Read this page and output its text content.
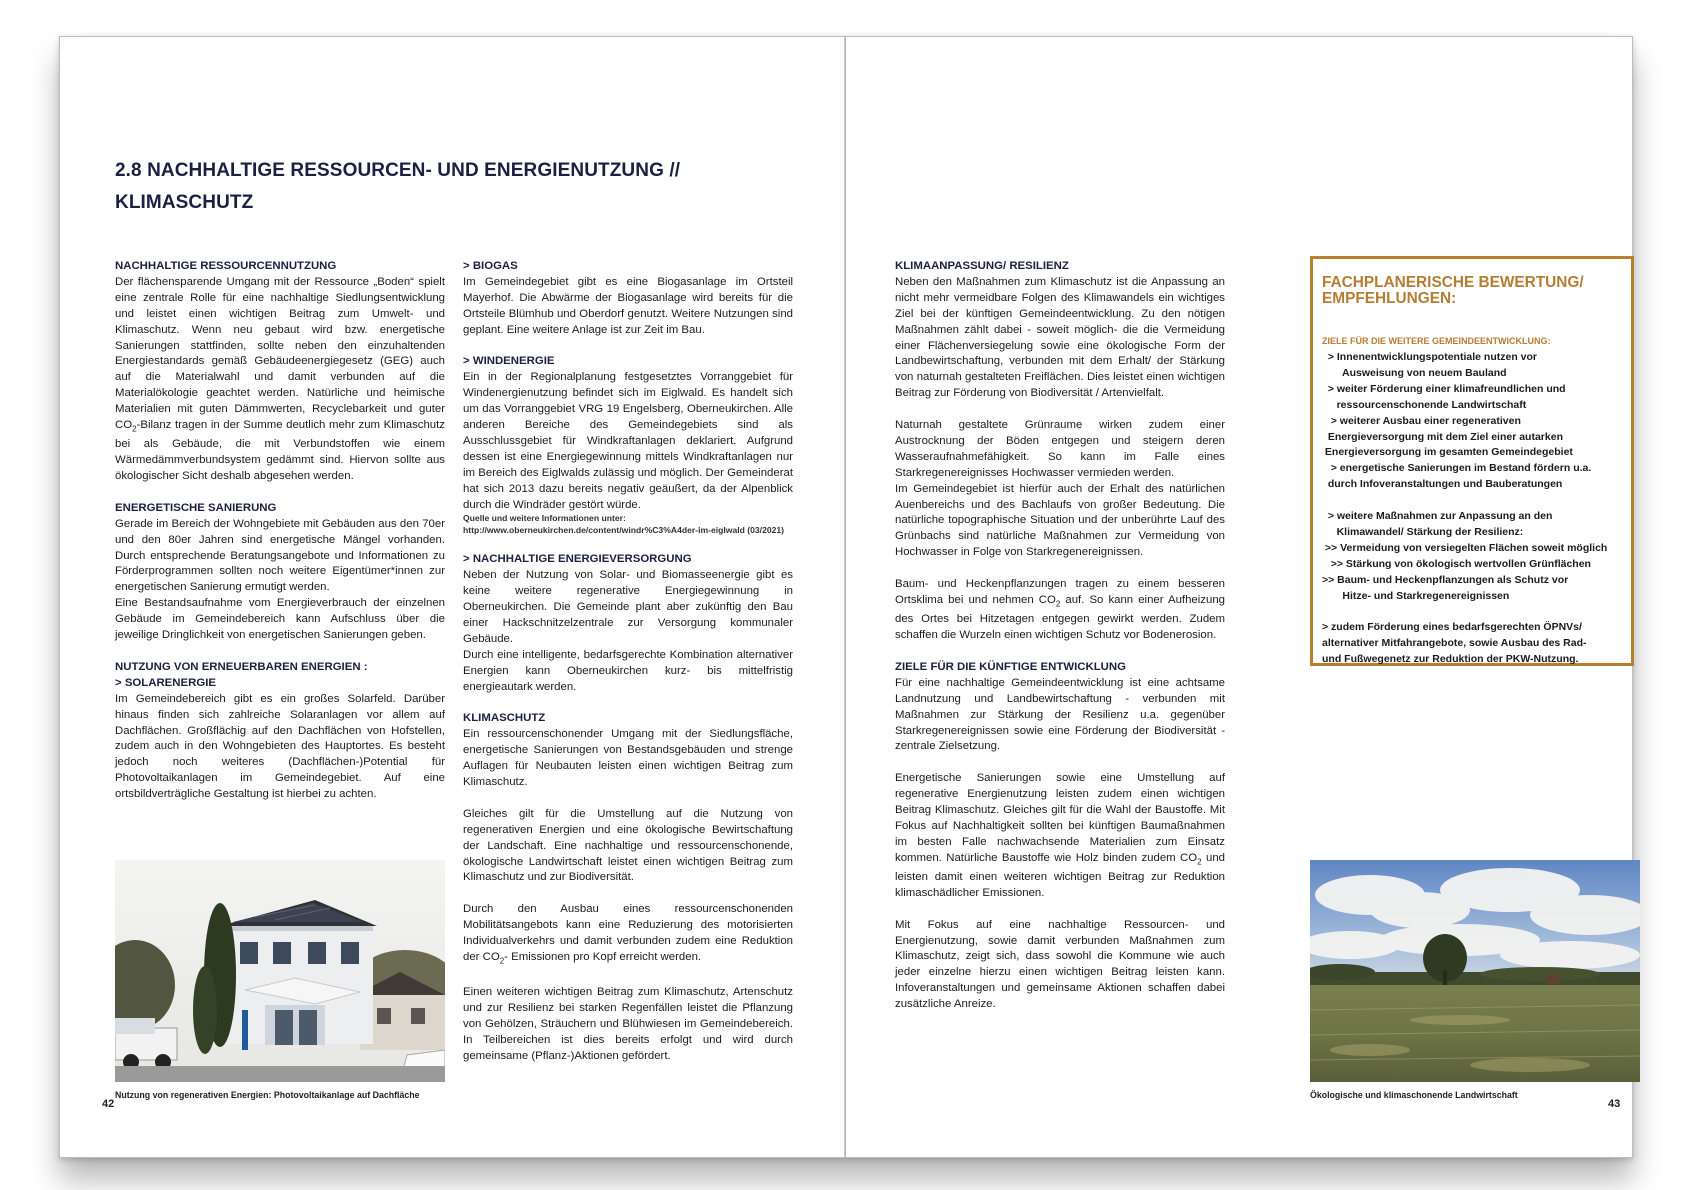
2.8 NACHHALTIGE RESSOURCEN- UND ENERGIENUTZUNG //
KLIMASCHUTZ

NACHHALTIGE RESSOURCENNUTZUNG

Der flächensparende Umgang mit der Ressource „Boden“ spielt eine zentrale Rolle für eine nachhaltige Siedlungsentwicklung und leistet einen wichtigen Beitrag zum Umwelt- und Klimaschutz. Wenn neu gebaut wird bzw. energetische Sanierungen stattfinden, sollte neben den einzuhaltenden Energiestandards gemäß Gebäudeenergiegesetz (GEG) auch auf die Materialwahl und damit verbunden auf die Materialökologie geachtet werden. Natürliche und heimische Materialien mit guten Dämmwerten, Recyclebarkeit und guter $CO_2$-Bilanz tragen in der Summe deutlich mehr zum Klimaschutz bei als Gebäude, die mit Verbundstoffen wie einem Wärmedämmverbundsystem gedämmt sind. Hiervon sollte aus ökologischer Sicht deshalb abgesehen werden.

ENERGETISCHE SANIERUNG

Gerade im Bereich der Wohngebiete mit Gebäuden aus den 70er und den 80er Jahren sind energetische Mängel vorhanden. Durch entsprechende Beratungsangebote und Informationen zu Förderprogrammen sollten noch weitere Eigentümer*innen zur energetischen Sanierung ermutigt werden.

Eine Bestandsaufnahme vom Energieverbrauch der einzelnen Gebäude im Gemeindebereich kann Aufschluss über die jeweilige Dringlichkeit von energetischen Sanierungen geben.

NUTZUNG VON ERNEUERBAREN ENERGIEN :

> SOLARENERGIE

Im Gemeindebereich gibt es ein großes Solarfeld. Darüber hinaus finden sich zahlreiche Solaranlagen vor allem auf Dachflächen. Großflächig auf den Dachflächen von Hofstellen, zudem auch in den Wohngebieten des Hauptortes. Es besteht jedoch noch weiteres (Dachflächen-)Potential für Photovoltaikanlagen im Gemeindegebiet. Auf eine ortsbildverträgliche Gestaltung ist hierbei zu achten.

Nutzung von regenerativen Energien: Photovoltaikanlage auf Dachfläche

> BIOGAS

Im Gemeindegebiet gibt es eine Biogasanlage im Ortsteil Mayerhof. Die Abwärme der Biogasanlage wird bereits für die Ortsteile Blümhub und Oberdorf genutzt. Weitere Nutzungen sind geplant. Eine weitere Anlage ist zur Zeit im Bau.

> WINDENERGIE

Ein in der Regionalplanung festgesetztes Vorranggebiet für Windenergienutzung befindet sich im Eiglwald. Es handelt sich um das Vorranggebiet VRG 19 Engelsberg, Oberneukirchen. Alle anderen Bereiche des Gemeindegebiets sind als Ausschlussgebiet für Windkraftanlagen deklariert. Aufgrund dessen ist eine Energiegewinnung mittels Windkraftanlagen nur im Bereich des Eiglwalds zulässig und möglich. Der Gemeinderat hat sich 2013 dazu bereits negativ geäußert, da der Alpenblick durch die Windräder gestört würde.

Quelle und weitere Informationen unter: http://www.oberneukirchen.de/content/windr%C3%A4der-im-eiglwald (03/2021)

> NACHHALTIGE ENERGIEVERSORGUNG

Neben der Nutzung von Solar- und Biomasseenergie gibt es keine weitere regenerative Energiegewinnung in Oberneukirchen. Die Gemeinde plant aber zukünftig den Bau einer Hackschnitzelzentrale zur Versorgung kommunaler Gebäude.

Durch eine intelligente, bedarfsgerechte Kombination alternativer Energien kann Oberneukirchen kurz- bis mittelfristig energieautark werden.

KLIMASCHUTZ

Ein ressourcenschonender Umgang mit der Siedlungsfläche, energetische Sanierungen von Bestandsgebäuden und strenge Auflagen für Neubauten leisten einen wichtigen Beitrag zum Klimaschutz.

Gleiches gilt für die Umstellung auf die Nutzung von regenerativen Energien und eine ökologische Bewirtschaftung der Landschaft. Eine nachhaltige und ressourcenschonende, ökologische Landwirtschaft leistet einen wichtigen Beitrag zum Klimaschutz und zur Biodiversität.

Durch den Ausbau eines ressourcenschonenden Mobilitätsangebots kann eine Reduzierung des motorisierten Individualverkehrs und damit verbunden zudem eine Reduktion der $CO_2-$ Emissionen pro Kopf erreicht werden.

Einen weiteren wichtigen Beitrag zum Klimaschutz, Artenschutz und zur Resilienz bei starken Regenfällen leistet die Pflanzung von Gehölzen, Sträuchern und Blühwiesen im Gemeindebereich. In Teilbereichen ist dies bereits erfolgt und wird durch gemeinsame (Pflanz-)Aktionen gefördert.

42

KLIMAANPASSUNG/ RESILIENZ

Neben den Maßnahmen zum Klimaschutz ist die Anpassung an nicht mehr vermeidbare Folgen des Klimawandels ein wichtiges Ziel bei der künftigen Gemeindeentwicklung. Zu den nötigen Maßnahmen zählt dabei - soweit möglich- die die Vermeidung einer Flächenversiegelung sowie eine ökologische Form der Landbewirtschaftung, verbunden mit dem Erhalt/ der Stärkung von naturnah gestalteten Freiflächen. Dies leistet einen wichtigen Beitrag zur Förderung von Biodiversität / Artenvielfalt.

Naturnah gestaltete Grünraume wirken zudem einer Austrocknung der Böden entgegen und steigern deren Wasseraufnahmefähigkeit. So kann im Falle eines Starkregenereignisses Hochwasser vermieden werden.

Im Gemeindegebiet ist hierfür auch der Erhalt des natürlichen Auenbereichs und des Bachlaufs von großer Bedeutung. Die natürliche topographische Situation und der unberührte Lauf des Grünbachs sind natürliche Maßnahmen zur Vermeidung von Hochwasser in Folge von Starkregenereignissen.

Baum- und Heckenpflanzungen tragen zu einem besseren Ortsklima bei und nehmen $CO_2$ auf. So kann einer Aufheizung des Ortes bei Hitzetagen entgegen gewirkt werden. Zudem schaffen die Wurzeln einen wichtigen Schutz vor Bodenerosion.

ZIELE FÜR DIE KÜNFTIGE ENTWICKLUNG

Für eine nachhaltige Gemeindeentwicklung ist eine achtsame Landnutzung und Landbewirtschaftung - verbunden mit Maßnahmen zur Stärkung der Resilienz u.a. gegenüber Starkregenereignissen sowie eine Förderung der Biodiversität - zentrale Zielsetzung.

Energetische Sanierungen sowie eine Umstellung auf regenerative Energienutzung leisten zudem einen wichtigen Beitrag Klimaschutz. Gleiches gilt für die Wahl der Baustoffe. Mit Fokus auf Nachhaltigkeit sollten bei künftigen Baumaßnahmen im besten Falle nachwachsende Materialien zum Einsatz kommen. Natürliche Baustoffe wie Holz binden zudem $CO_2$ und leisten damit einen weiteren wichtigen Beitrag zur Reduktion klimaschädlicher Emissionen.

Mit Fokus auf eine nachhaltige Ressourcen- und Energienutzung, sowie damit verbunden Maßnahmen zum Klimaschutz, zeigt sich, dass sowohl die Kommune wie auch jeder einzelne hierzu einen wichtigen Beitrag leisten kann. Infoveranstaltungen und gemeinsame Aktionen schaffen dabei zusätzliche Anreize.

FACHPLANERISCHE BEWERTUNG/ EMPFEHLUNGEN:

ZIELE FÜR DIE WEITERE GEMEINDEENTWICKLUNG:

> Innenentwicklungspotentiale nutzen vor
Ausweisung von neuem Bauland
> weiter Förderung einer klimafreundlichen und
ressourcenschonende Landwirtschaft
> weiterer Ausbau einer regenerativen
Energieversorgung mit dem Ziel einer autarken
Energieversorgung im gesamten Gemeindegebiet
> energetische Sanierungen im Bestand fördern u.a.
durch Infoveranstaltungen und Bauberatungen
> weitere Maßnahmen zur Anpassung an den
Klimawandel/ Stärkung der Resilienz:
>> Vermeidung von versiegelten Flächen soweit möglich
>> Stärkung von ökologisch wertvollen Grünflächen
>> Baum- und Heckenpflanzungen als Schutz vor
Hitze- und Starkregenereignissen
> zudem Förderung eines bedarfsgerechten ÖPNVs/
alternativer Mitfahrangebote, sowie Ausbau des Rad-
und Fußwegenetz zur Reduktion der PKW-Nutzung.
Ökologische und klimaschonende Landwirtschaft
43
